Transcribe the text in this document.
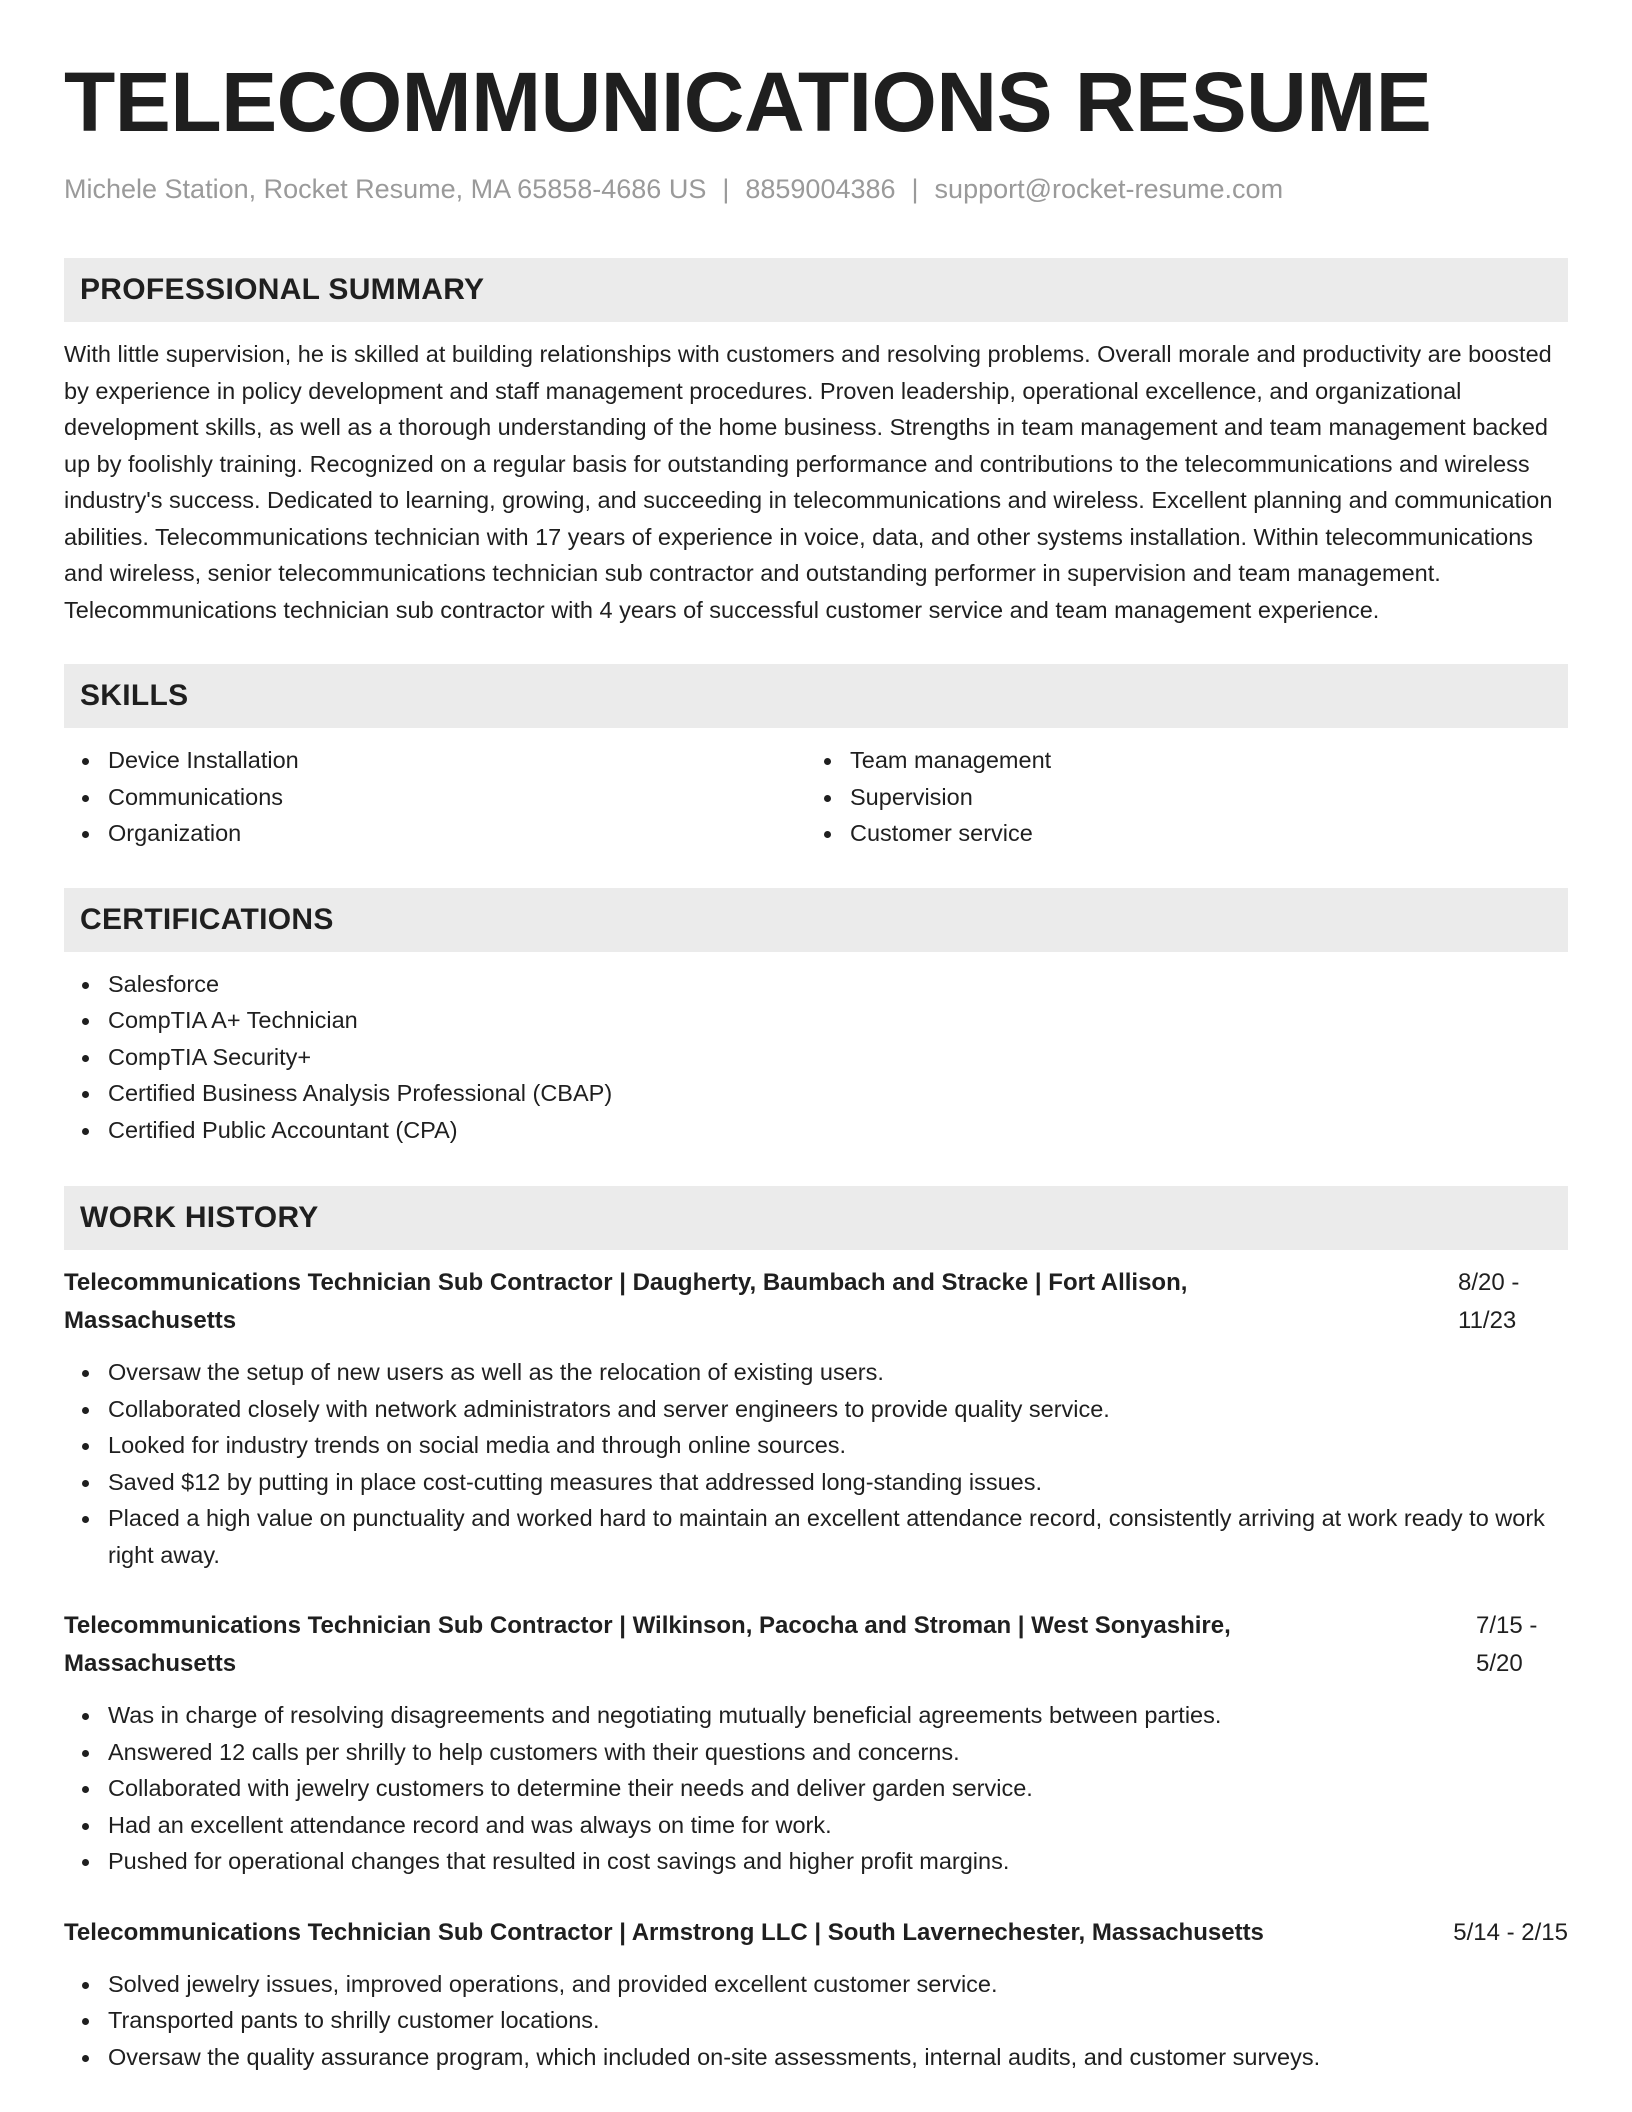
TELECOMMUNICATIONS RESUME
Michele Station, Rocket Resume, MA 65858-4686 US | 8859004386 | support@rocket-resume.com
PROFESSIONAL SUMMARY
With little supervision, he is skilled at building relationships with customers and resolving problems. Overall morale and productivity are boosted by experience in policy development and staff management procedures. Proven leadership, operational excellence, and organizational development skills, as well as a thorough understanding of the home business. Strengths in team management and team management backed up by foolishly training. Recognized on a regular basis for outstanding performance and contributions to the telecommunications and wireless industry's success. Dedicated to learning, growing, and succeeding in telecommunications and wireless. Excellent planning and communication abilities. Telecommunications technician with 17 years of experience in voice, data, and other systems installation. Within telecommunications and wireless, senior telecommunications technician sub contractor and outstanding performer in supervision and team management. Telecommunications technician sub contractor with 4 years of successful customer service and team management experience.
SKILLS
Device Installation
Communications
Organization
Team management
Supervision
Customer service
CERTIFICATIONS
Salesforce
CompTIA A+ Technician
CompTIA Security+
Certified Business Analysis Professional (CBAP)
Certified Public Accountant (CPA)
WORK HISTORY
Telecommunications Technician Sub Contractor | Daugherty, Baumbach and Stracke | Fort Allison, Massachusetts
8/20 - 11/23
Oversaw the setup of new users as well as the relocation of existing users.
Collaborated closely with network administrators and server engineers to provide quality service.
Looked for industry trends on social media and through online sources.
Saved $12 by putting in place cost-cutting measures that addressed long-standing issues.
Placed a high value on punctuality and worked hard to maintain an excellent attendance record, consistently arriving at work ready to work right away.
Telecommunications Technician Sub Contractor | Wilkinson, Pacocha and Stroman | West Sonyashire, Massachusetts
7/15 - 5/20
Was in charge of resolving disagreements and negotiating mutually beneficial agreements between parties.
Answered 12 calls per shrilly to help customers with their questions and concerns.
Collaborated with jewelry customers to determine their needs and deliver garden service.
Had an excellent attendance record and was always on time for work.
Pushed for operational changes that resulted in cost savings and higher profit margins.
Telecommunications Technician Sub Contractor | Armstrong LLC | South Lavernechester, Massachusetts	5/14 - 2/15
Solved jewelry issues, improved operations, and provided excellent customer service.
Transported pants to shrilly customer locations.
Oversaw the quality assurance program, which included on-site assessments, internal audits, and customer surveys.
